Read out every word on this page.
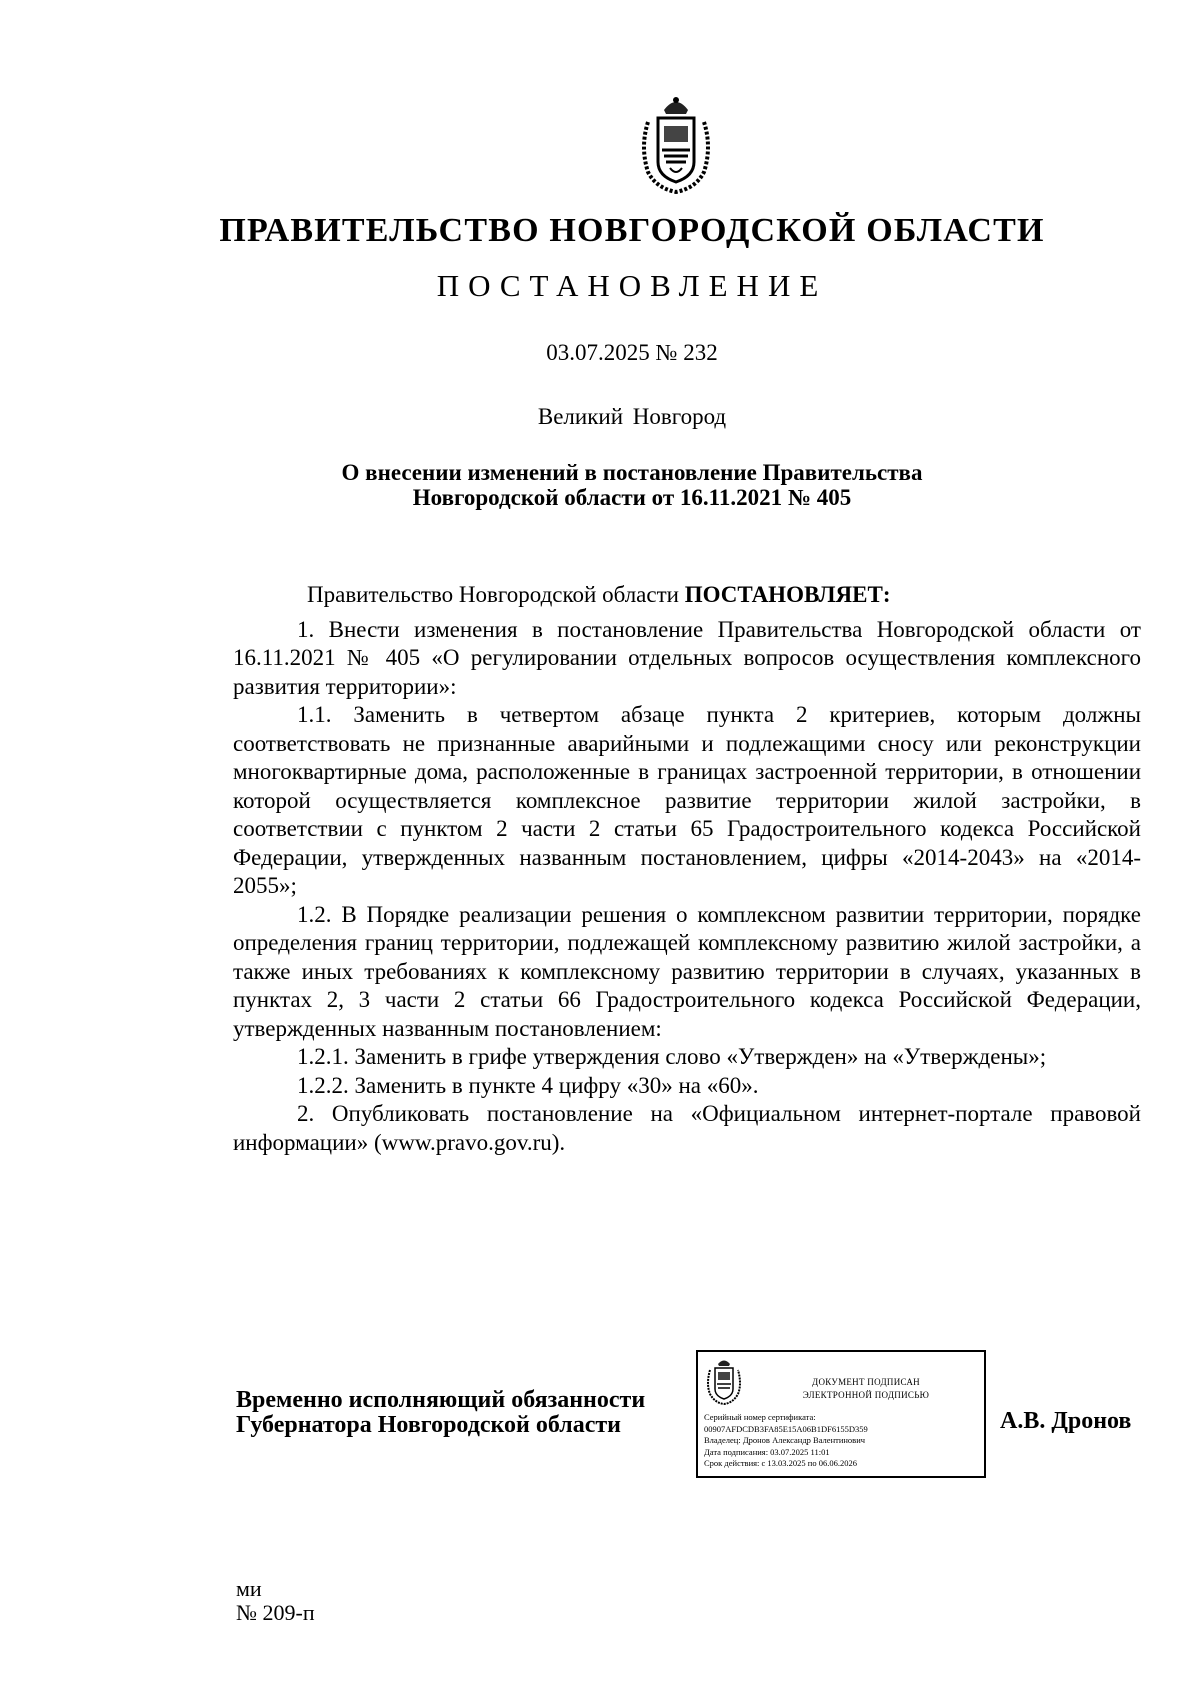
ПРАВИТЕЛЬСТВО НОВГОРОДСКОЙ ОБЛАСТИ
ПОСТАНОВЛЕНИЕ
03.07.2025 № 232
Великий Новгород
О внесении изменений в постановление Правительства
Новгородской области от 16.11.2021 № 405

Правительство Новгородской области ПОСТАНОВЛЯЕТ:

1. Внести изменения в постановление Правительства Новгородской области от 16.11.2021 № 405 «О регулировании отдельных вопросов осуществления комплексного развития территории»:

1.1. Заменить в четвертом абзаце пункта 2 критериев, которым должны соответствовать не признанные аварийными и подлежащими сносу или реконструкции многоквартирные дома, расположенные в границах застроенной территории, в отношении которой осуществляется комплексное развитие территории жилой застройки, в соответствии с пунктом 2 части 2 статьи 65 Градостроительного кодекса Российской Федерации, утвержденных названным постановлением, цифры «2014-2043» на «2014-2055»;

1.2. В Порядке реализации решения о комплексном развитии территории, порядке определения границ территории, подлежащей комплексному развитию жилой застройки, а также иных требованиях к комплексному развитию территории в случаях, указанных в пунктах 2, 3 части 2 статьи 66 Градостроительного кодекса Российской Федерации, утвержденных названным постановлением:

1.2.1. Заменить в грифе утверждения слово «Утвержден» на «Утверждены»;

1.2.2. Заменить в пункте 4 цифру «30» на «60».

2. Опубликовать постановление на «Официальном интернет-портале правовой информации» (www.pravo.gov.ru).

Временно исполняющий обязанности
Губернатора Новгородской области
ДОКУМЕНТ ПОДПИСАН
ЭЛЕКТРОННОЙ ПОДПИСЬЮ
Серийный номер сертификата:
00907AFDCDB3FA85E15A06B1DF6155D359
Владелец: Дронов Александр Валентинович
Дата подписания: 03.07.2025 11:01
Срок действия: с 13.03.2025 по 06.06.2026
А.В. Дронов
ми
№ 209-п
